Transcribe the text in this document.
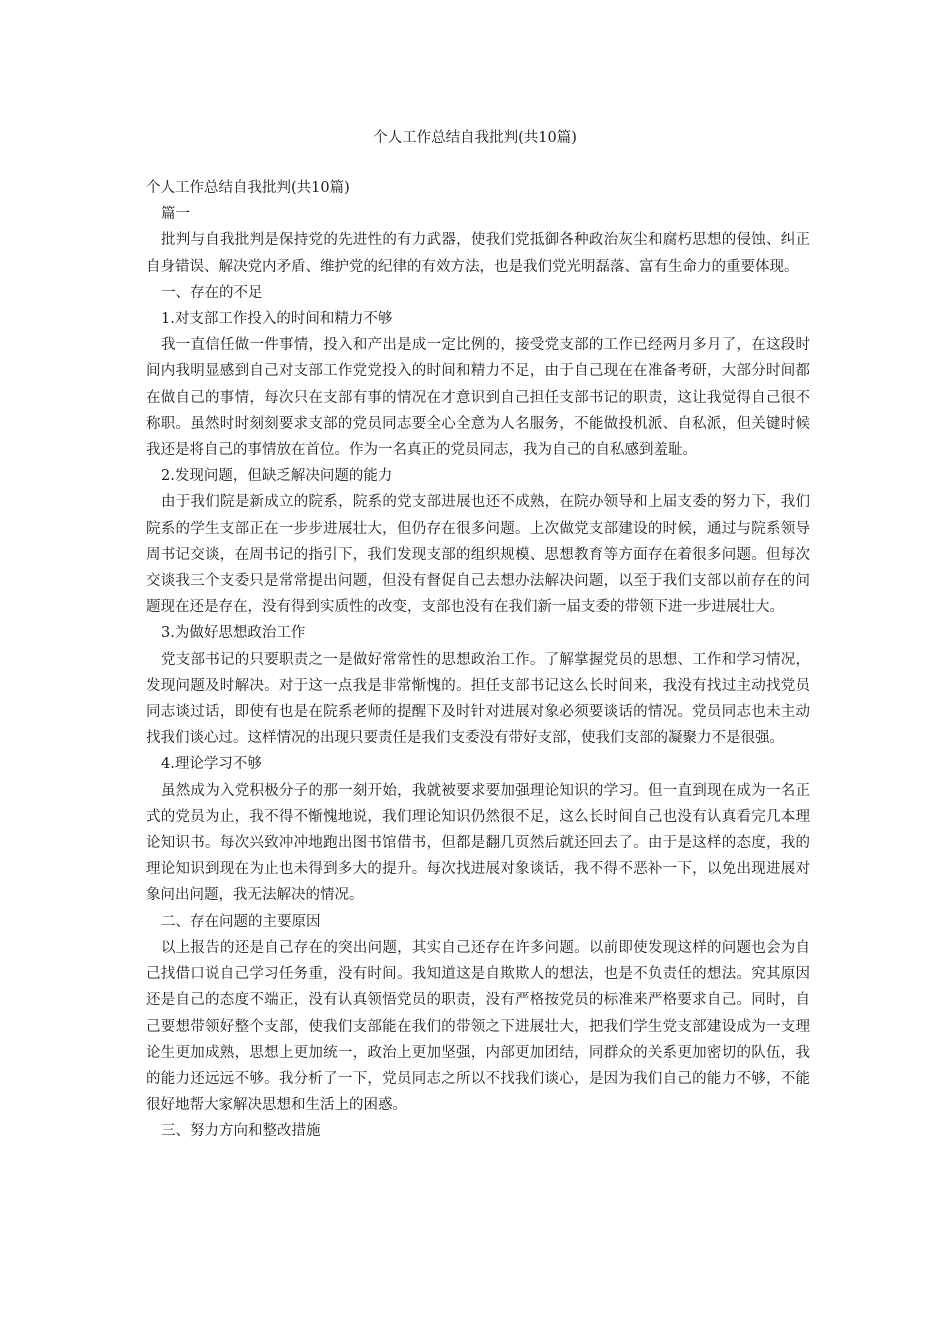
个人工作总结自我批判(共10篇)

个人工作总结自我批判(共10篇)

篇一

批判与自我批判是保持党的先进性的有力武器，使我们党抵御各种政治灰尘和腐朽思想的侵蚀、纠正自身错误、解决党内矛盾、维护党的纪律的有效方法，也是我们党光明磊落、富有生命力的重要体现。

一、存在的不足

1.对支部工作投入的时间和精力不够

我一直信任做一件事情，投入和产出是成一定比例的，接受党支部的工作已经两月多月了，在这段时间内我明显感到自己对支部工作党党投入的时间和精力不足，由于自己现在在准备考研，大部分时间都在做自己的事情，每次只在支部有事的情况在才意识到自己担任支部书记的职责，这让我觉得自己很不称职。虽然时时刻刻要求支部的党员同志要全心全意为人名服务，不能做投机派、自私派，但关键时候我还是将自己的事情放在首位。作为一名真正的党员同志，我为自己的自私感到羞耻。

2.发现问题，但缺乏解决问题的能力

由于我们院是新成立的院系，院系的党支部进展也还不成熟，在院办领导和上届支委的努力下，我们院系的学生支部正在一步步进展壮大，但仍存在很多问题。上次做党支部建设的时候，通过与院系领导周书记交谈，在周书记的指引下，我们发现支部的组织规模、思想教育等方面存在着很多问题。但每次交谈我三个支委只是常常提出问题，但没有督促自己去想办法解决问题，以至于我们支部以前存在的问题现在还是存在，没有得到实质性的改变，支部也没有在我们新一届支委的带领下进一步进展壮大。

3.为做好思想政治工作

党支部书记的只要职责之一是做好常常性的思想政治工作。了解掌握党员的思想、工作和学习情况，发现问题及时解决。对于这一点我是非常惭愧的。担任支部书记这么长时间来，我没有找过主动找党员同志谈过话，即使有也是在院系老师的提醒下及时针对进展对象必须要谈话的情况。党员同志也未主动找我们谈心过。这样情况的出现只要责任是我们支委没有带好支部，使我们支部的凝聚力不是很强。

4.理论学习不够

虽然成为入党积极分子的那一刻开始，我就被要求要加强理论知识的学习。但一直到现在成为一名正式的党员为止，我不得不惭愧地说，我们理论知识仍然很不足，这么长时间自己也没有认真看完几本理论知识书。每次兴致冲冲地跑出图书馆借书，但都是翻几页然后就还回去了。由于是这样的态度，我的理论知识到现在为止也未得到多大的提升。每次找进展对象谈话，我不得不恶补一下，以免出现进展对象问出问题，我无法解决的情况。

二、存在问题的主要原因

以上报告的还是自己存在的突出问题，其实自己还存在许多问题。以前即使发现这样的问题也会为自己找借口说自己学习任务重，没有时间。我知道这是自欺欺人的想法，也是不负责任的想法。究其原因还是自己的态度不端正，没有认真领悟党员的职责，没有严格按党员的标准来严格要求自己。同时，自己要想带领好整个支部，使我们支部能在我们的带领之下进展壮大，把我们学生党支部建设成为一支理论生更加成熟，思想上更加统一，政治上更加坚强，内部更加团结，同群众的关系更加密切的队伍，我的能力还远远不够。我分析了一下，党员同志之所以不找我们谈心，是因为我们自己的能力不够，不能很好地帮大家解决思想和生活上的困惑。

三、努力方向和整改措施
